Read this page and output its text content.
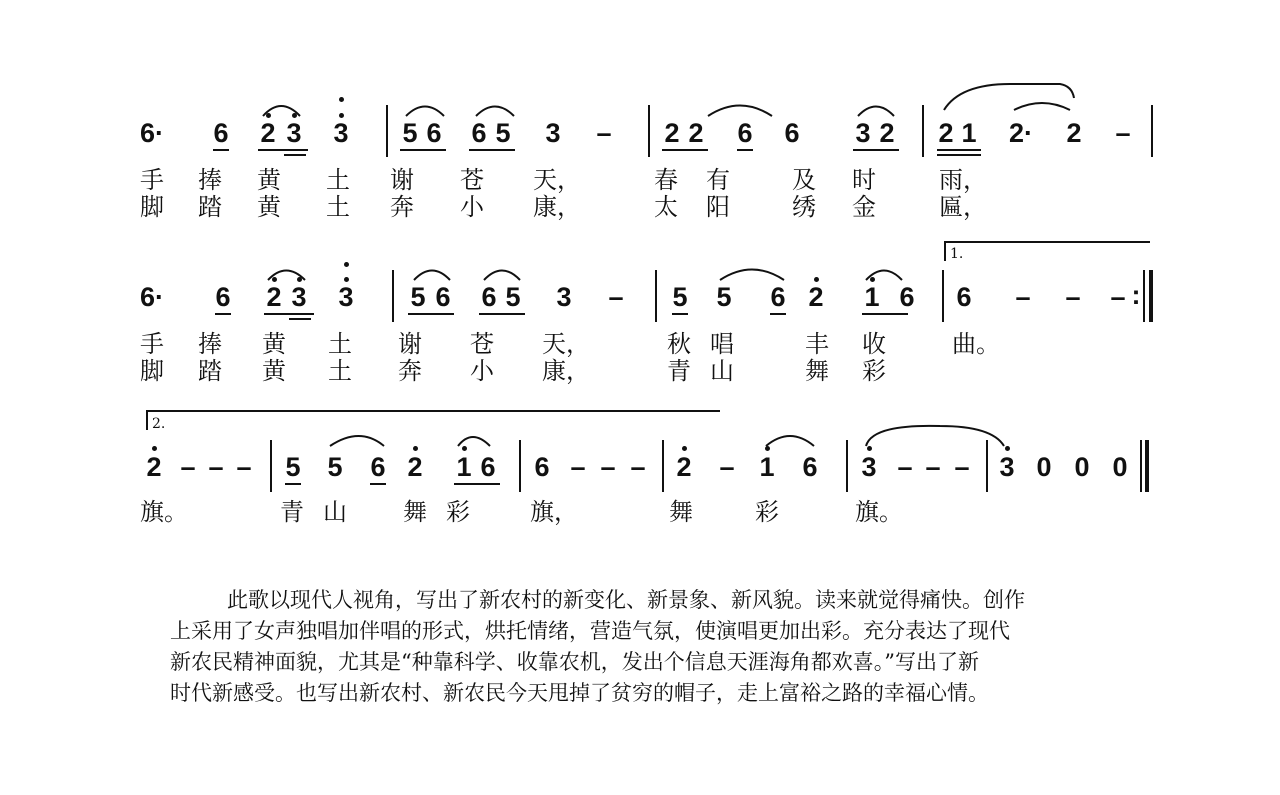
6· 6 2 3 3 5 6 6 5 3 – 2 2 6 6 3 2 2 1 2· 2 –
手 捧 黄 土 谢 苍 天，	春 有	及 时	雨，
脚 踏 黄 土 奔 小 康，	太 阳	绣 金	匾，
1.
6· 6 2 3 3 5 6 6 5 3 – 5 5 6 2 1 6 6 – – – :
手 捧 黄 土 谢 苍 天，	秋 唱	丰 收	曲。
脚 踏 黄 土 奔 小 康，	青 山	舞 彩
2.
2 – – – 5 5 6 2 1 6 6 – – – 2 – 1 6 3 – – – 3 0 0 0
旗。	青 山 舞 彩	旗，	舞	彩	旗。
此歌以现代人视角，写出了新农村的新变化、新景象、新风貌。读来就觉得痛快。创作
上采用了女声独唱加伴唱的形式，烘托情绪，营造气氛，使演唱更加出彩。充分表达了现代
新农民精神面貌，尤其是“种靠科学、收靠农机，发出个信息天涯海角都欢喜。”写出了新
时代新感受。也写出新农村、新农民今天甩掉了贫穷的帽子，走上富裕之路的幸福心情。
